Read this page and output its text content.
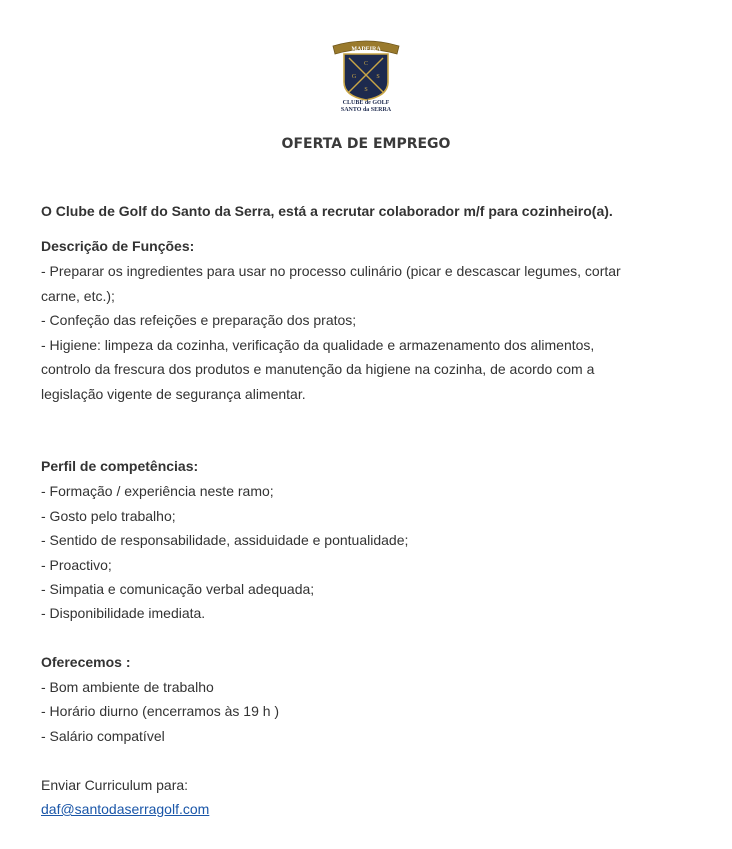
MADEIRA
C
G	S
S
CLUBE de GOLF
SANTO da SERRA
OFERTA DE EMPREGO
O Clube de Golf do Santo da Serra, está a recrutar colaborador m/f para cozinheiro(a).
Descrição de Funções:
- Preparar os ingredientes para usar no processo culinário (picar e descascar legumes, cortar
carne, etc.);
- Confeção das refeições e preparação dos pratos;
- Higiene: limpeza da cozinha, verificação da qualidade e armazenamento dos alimentos,
controlo da frescura dos produtos e manutenção da higiene na cozinha, de acordo com a
legislação vigente de segurança alimentar.
Perfil de competências:
- Formação / experiência neste ramo;
- Gosto pelo trabalho;
- Sentido de responsabilidade, assiduidade e pontualidade;
- Proactivo;
- Simpatia e comunicação verbal adequada;
- Disponibilidade imediata.
Oferecemos :
- Bom ambiente de trabalho
- Horário diurno (encerramos às 19 h )
- Salário compatível
Enviar Curriculum para:
daf@santodaserragolf.com
